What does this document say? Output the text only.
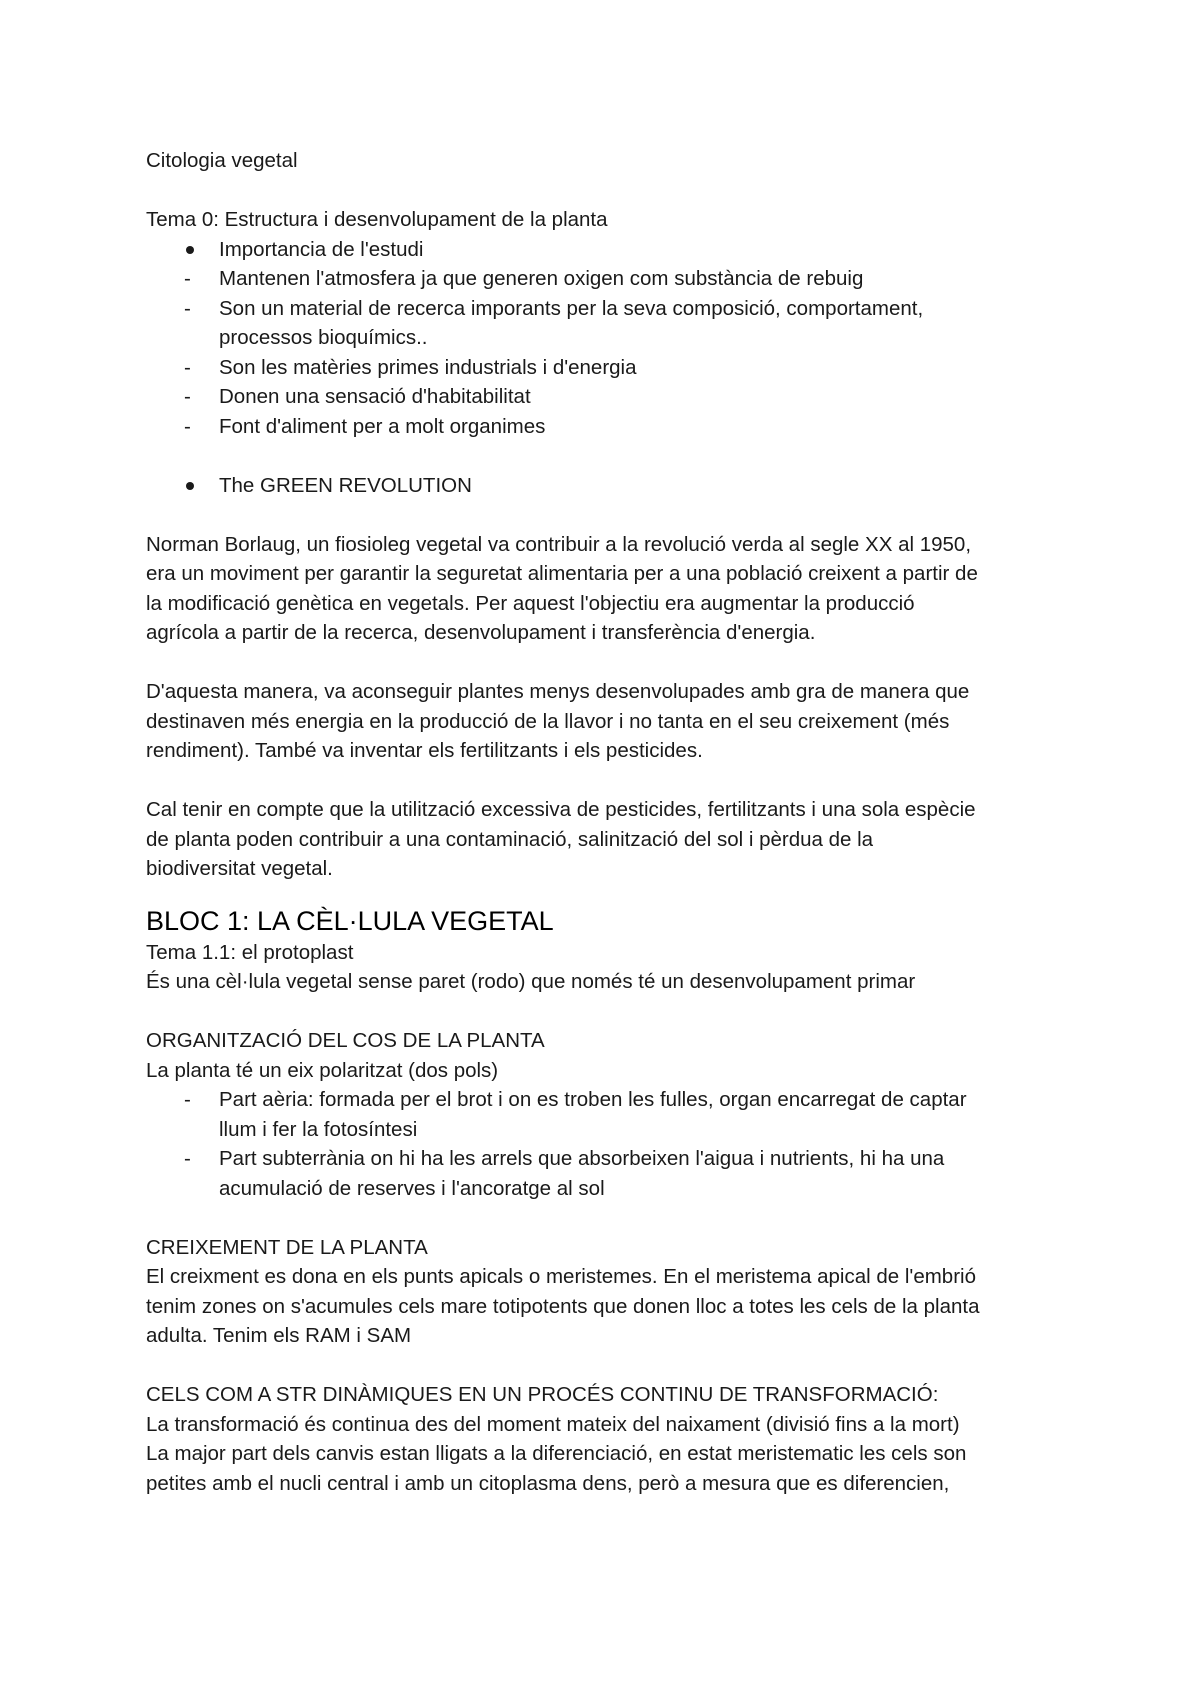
Citologia vegetal

Tema 0: Estructura i desenvolupament de la planta

Importancia de l'estudi
-	Mantenen l'atmosfera ja que generen oxigen com substància de rebuig
-	Son un material de recerca imporants per la seva composició, comportament,
processos bioquímics..
-	Son les matèries primes industrials i d'energia
-	Donen una sensació d'habitabilitat
-	Font d'aliment per a molt organimes
The GREEN REVOLUTION

Norman Borlaug, un fiosioleg vegetal va contribuir a la revolució verda al segle XX al 1950,

era un moviment per garantir la seguretat alimentaria per a una població creixent a partir de

la modificació genètica en vegetals. Per aquest l'objectiu era augmentar la producció

agrícola a partir de la recerca, desenvolupament i transferència d'energia.

D'aquesta manera, va aconseguir plantes menys desenvolupades amb gra de manera que

destinaven més energia en la producció de la llavor i no tanta en el seu creixement (més

rendiment). També va inventar els fertilitzants i els pesticides.

Cal tenir en compte que la utilització excessiva de pesticides, fertilitzants i una sola espècie

de planta poden contribuir a una contaminació, salinització del sol i pèrdua de la

biodiversitat vegetal.

BLOC 1: LA CÈL·LULA VEGETAL

Tema 1.1: el protoplast

És una cèl·lula vegetal sense paret (rodo) que només té un desenvolupament primar

ORGANITZACIÓ DEL COS DE LA PLANTA

La planta té un eix polaritzat (dos pols)

-	Part aèria: formada per el brot i on es troben les fulles, organ encarregat de captar
llum i fer la fotosíntesi
-	Part subterrània on hi ha les arrels que absorbeixen l'aigua i nutrients, hi ha una
acumulació de reserves i l'ancoratge al sol

CREIXEMENT DE LA PLANTA

El creixment es dona en els punts apicals o meristemes. En el meristema apical de l'embrió

tenim zones on s'acumules cels mare totipotents que donen lloc a totes les cels de la planta

adulta. Tenim els RAM i SAM

CELS COM A STR DINÀMIQUES EN UN PROCÉS CONTINU DE TRANSFORMACIÓ:

La transformació és continua des del moment mateix del naixament (divisió fins a la mort)

La major part dels canvis estan lligats a la diferenciació, en estat meristematic les cels son

petites amb el nucli central i amb un citoplasma dens, però a mesura que es diferencien,
